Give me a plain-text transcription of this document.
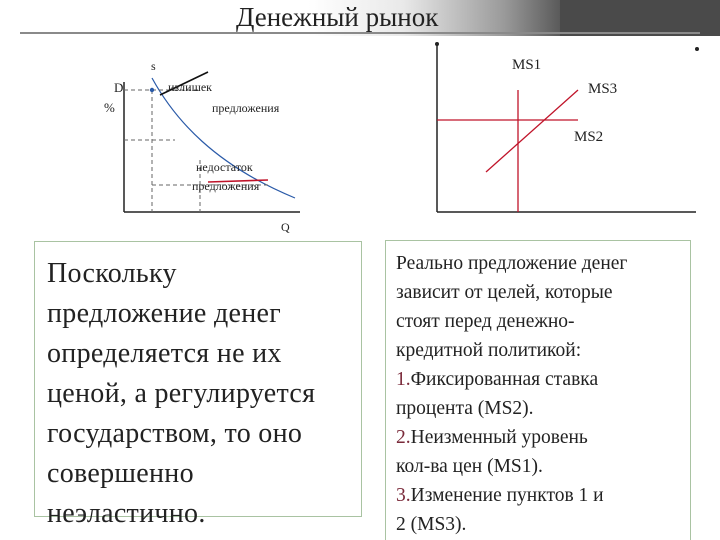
Денежный рынок
s
D
%
излишек
предложения
недостаток
предложения
Q
MS1
MS3
MS2
Поскольку
предложение денег
определяется не их
ценой, а регулируется
государством, то оно
совершенно
неэластично.
Реально предложение денег
зависит от целей, которые
стоят перед денежно-
кредитной политикой:
1.Фиксированная ставка
процента (MS2).
2.Неизменный уровень
кол-ва цен (MS1).
3.Изменение пунктов 1 и
2 (MS3).
